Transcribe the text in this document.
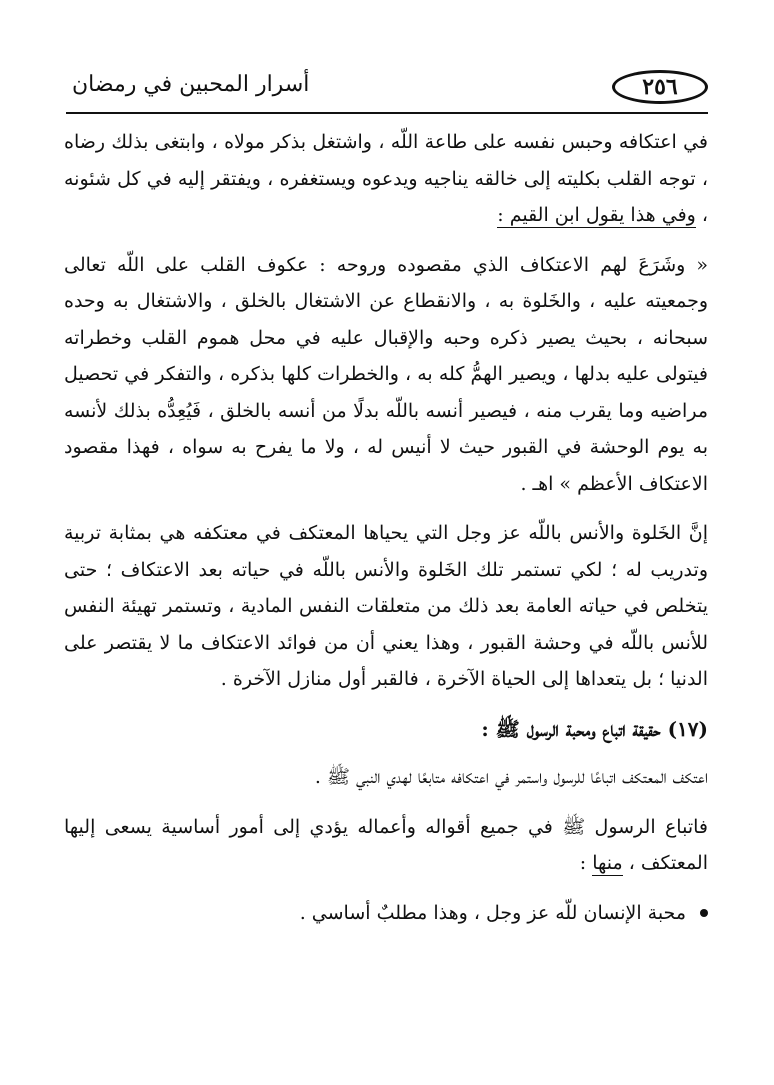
٢٥٦
أسرار المحبين في رمضان

في اعتكافه وحبس نفسه على طاعة اللّه ، واشتغل بذكر مولاه ، وابتغى بذلك رضاه ، توجه القلب بكليته إلى خالقه يناجيه ويدعوه ويستغفره ، ويفتقر إليه في كل شئونه ، وفي هذا يقول ابن القيم :

« وشَرَعَ لهم الاعتكاف الذي مقصوده وروحه : عكوف القلب على اللّه تعالى وجمعيته عليه ، والخَلوة به ، والانقطاع عن الاشتغال بالخلق ، والاشتغال به وحده سبحانه ، بحيث يصير ذكره وحبه والإقبال عليه في محل هموم القلب وخطراته فيتولى عليه بدلها ، ويصير الهمُّ كله به ، والخطرات كلها بذكره ، والتفكر في تحصيل مراضيه وما يقرب منه ، فيصير أنسه باللّه بدلًا من أنسه بالخلق ، فَيُعِدُّه بذلك لأنسه به يوم الوحشة في القبور حيث لا أنيس له ، ولا ما يفرح به سواه ، فهذا مقصود الاعتكاف الأعظم » اهـ .

إنَّ الخَلوة والأنس باللّه عز وجل التي يحياها المعتكف في معتكفه هي بمثابة تربية وتدريب له ؛ لكي تستمر تلك الخَلوة والأنس باللّه في حياته بعد الاعتكاف ؛ حتى يتخلص في حياته العامة بعد ذلك من متعلقات النفس المادية ، وتستمر تهيئة النفس للأنس باللّه في وحشة القبور ، وهذا يعني أن من فوائد الاعتكاف ما لا يقتصر على الدنيا ؛ بل يتعداها إلى الحياة الآخرة ، فالقبر أول منازل الآخرة .

(١٧) حقيقة اتباع ومحبة الرسول ﷺ :

اعتكف المعتكف اتباعًا للرسول واستمر في اعتكافه متابعًا لهدي النبي ﷺ .

فاتباع الرسول ﷺ في جميع أقواله وأعماله يؤدي إلى أمور أساسية يسعى إليها المعتكف ، منها :

محبة الإنسان للّه عز وجل ، وهذا مطلبٌ أساسي .
